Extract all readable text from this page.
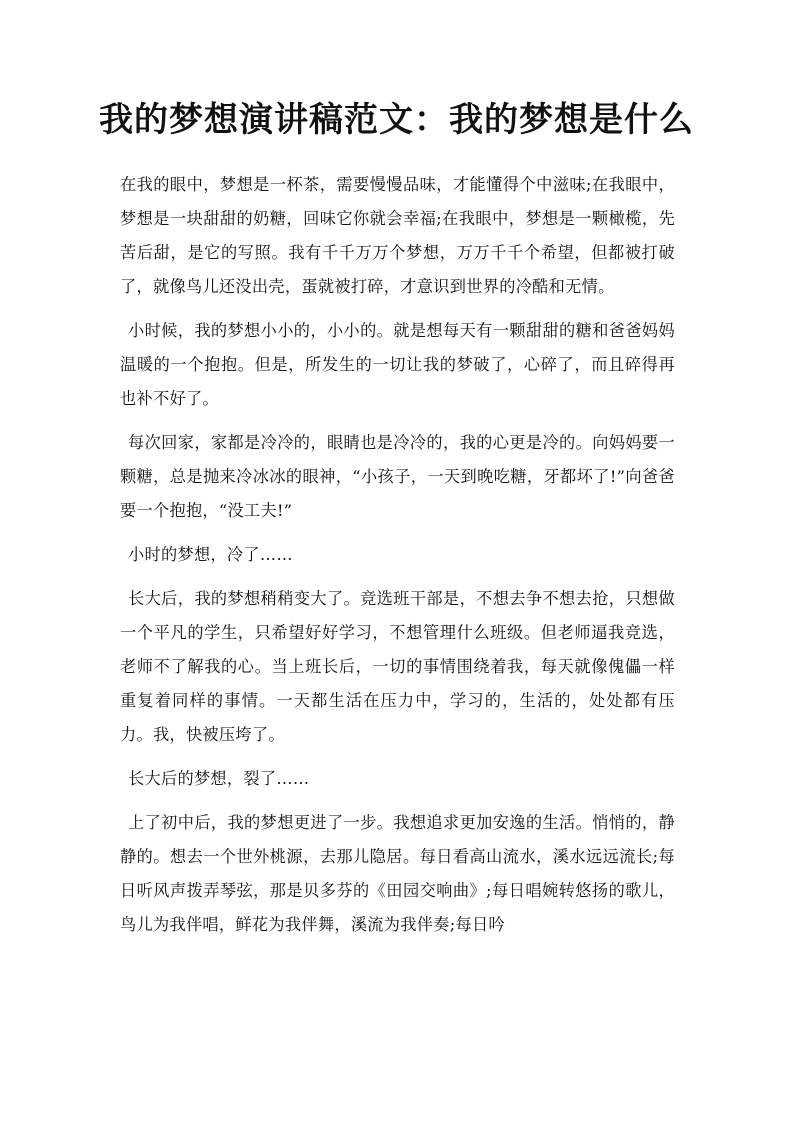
我的梦想演讲稿范文：我的梦想是什么

在我的眼中，梦想是一杯茶，需要慢慢品味，才能懂得个中滋味;在我眼中，梦想是一块甜甜的奶糖，回味它你就会幸福;在我眼中，梦想是一颗橄榄，先苦后甜，是它的写照。我有千千万万个梦想，万万千千个希望，但都被打破了，就像鸟儿还没出壳，蛋就被打碎，才意识到世界的冷酷和无情。

小时候，我的梦想小小的，小小的。就是想每天有一颗甜甜的糖和爸爸妈妈温暖的一个抱抱。但是，所发生的一切让我的梦破了，心碎了，而且碎得再也补不好了。

每次回家，家都是冷冷的，眼睛也是冷冷的，我的心更是冷的。向妈妈要一颗糖，总是抛来冷冰冰的眼神，“小孩子，一天到晚吃糖，牙都坏了!”向爸爸要一个抱抱，“没工夫!”

小时的梦想，冷了……

长大后，我的梦想稍稍变大了。竞选班干部是，不想去争不想去抢，只想做一个平凡的学生，只希望好好学习，不想管理什么班级。但老师逼我竞选，老师不了解我的心。当上班长后，一切的事情围绕着我，每天就像傀儡一样重复着同样的事情。一天都生活在压力中，学习的，生活的，处处都有压力。我，快被压垮了。

长大后的梦想，裂了……

上了初中后，我的梦想更进了一步。我想追求更加安逸的生活。悄悄的，静静的。想去一个世外桃源，去那儿隐居。每日看高山流水，溪水远远流长;每日听风声拨弄琴弦，那是贝多芬的《田园交响曲》;每日唱婉转悠扬的歌儿，鸟儿为我伴唱，鲜花为我伴舞，溪流为我伴奏;每日吟
